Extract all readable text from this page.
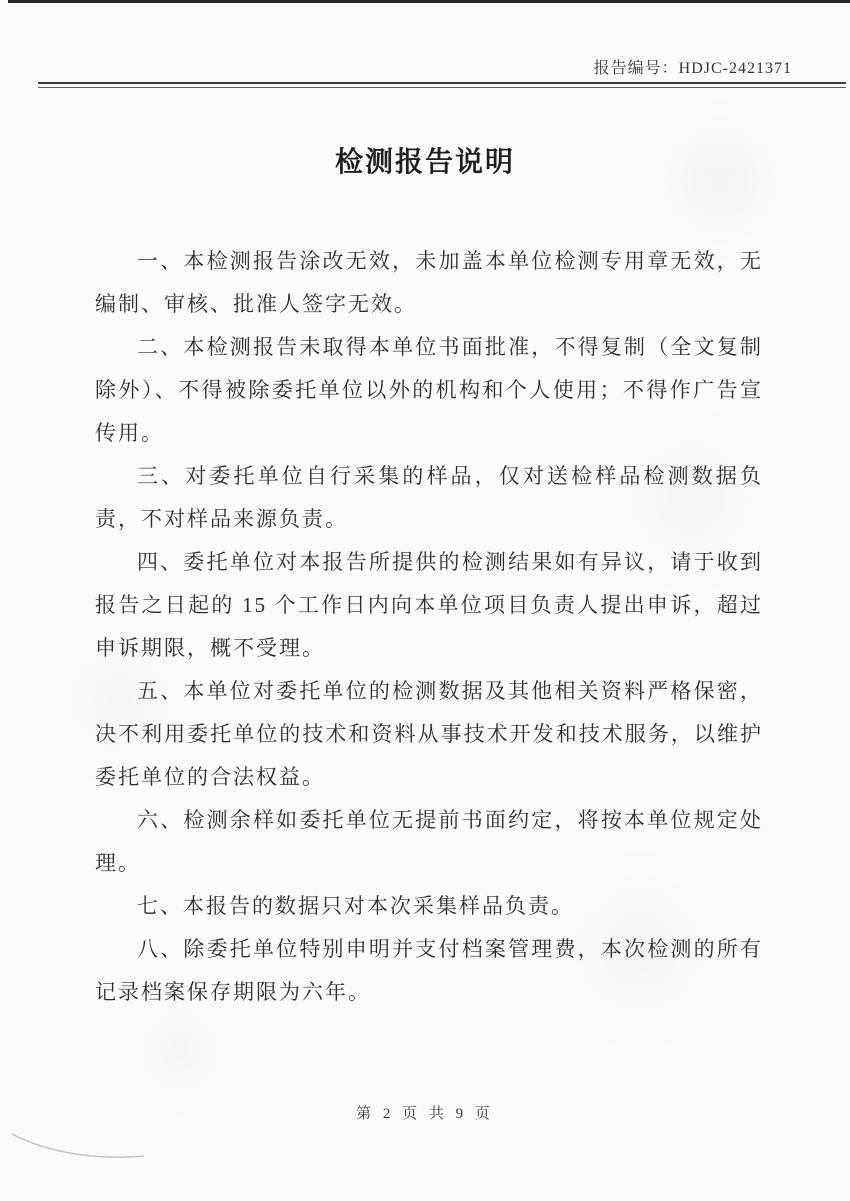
报告编号：HDJC-2421371
检测报告说明

一、本检测报告涂改无效，未加盖本单位检测专用章无效，无编制、审核、批准人签字无效。

二、本检测报告未取得本单位书面批准，不得复制（全文复制除外）、不得被除委托单位以外的机构和个人使用；不得作广告宣传用。

三、对委托单位自行采集的样品，仅对送检样品检测数据负责，不对样品来源负责。

四、委托单位对本报告所提供的检测结果如有异议，请于收到报告之日起的 15 个工作日内向本单位项目负责人提出申诉，超过申诉期限，概不受理。

五、本单位对委托单位的检测数据及其他相关资料严格保密，决不利用委托单位的技术和资料从事技术开发和技术服务，以维护委托单位的合法权益。

六、检测余样如委托单位无提前书面约定，将按本单位规定处理。

七、本报告的数据只对本次采集样品负责。

八、除委托单位特别申明并支付档案管理费，本次检测的所有记录档案保存期限为六年。

第 2 页 共 9 页
